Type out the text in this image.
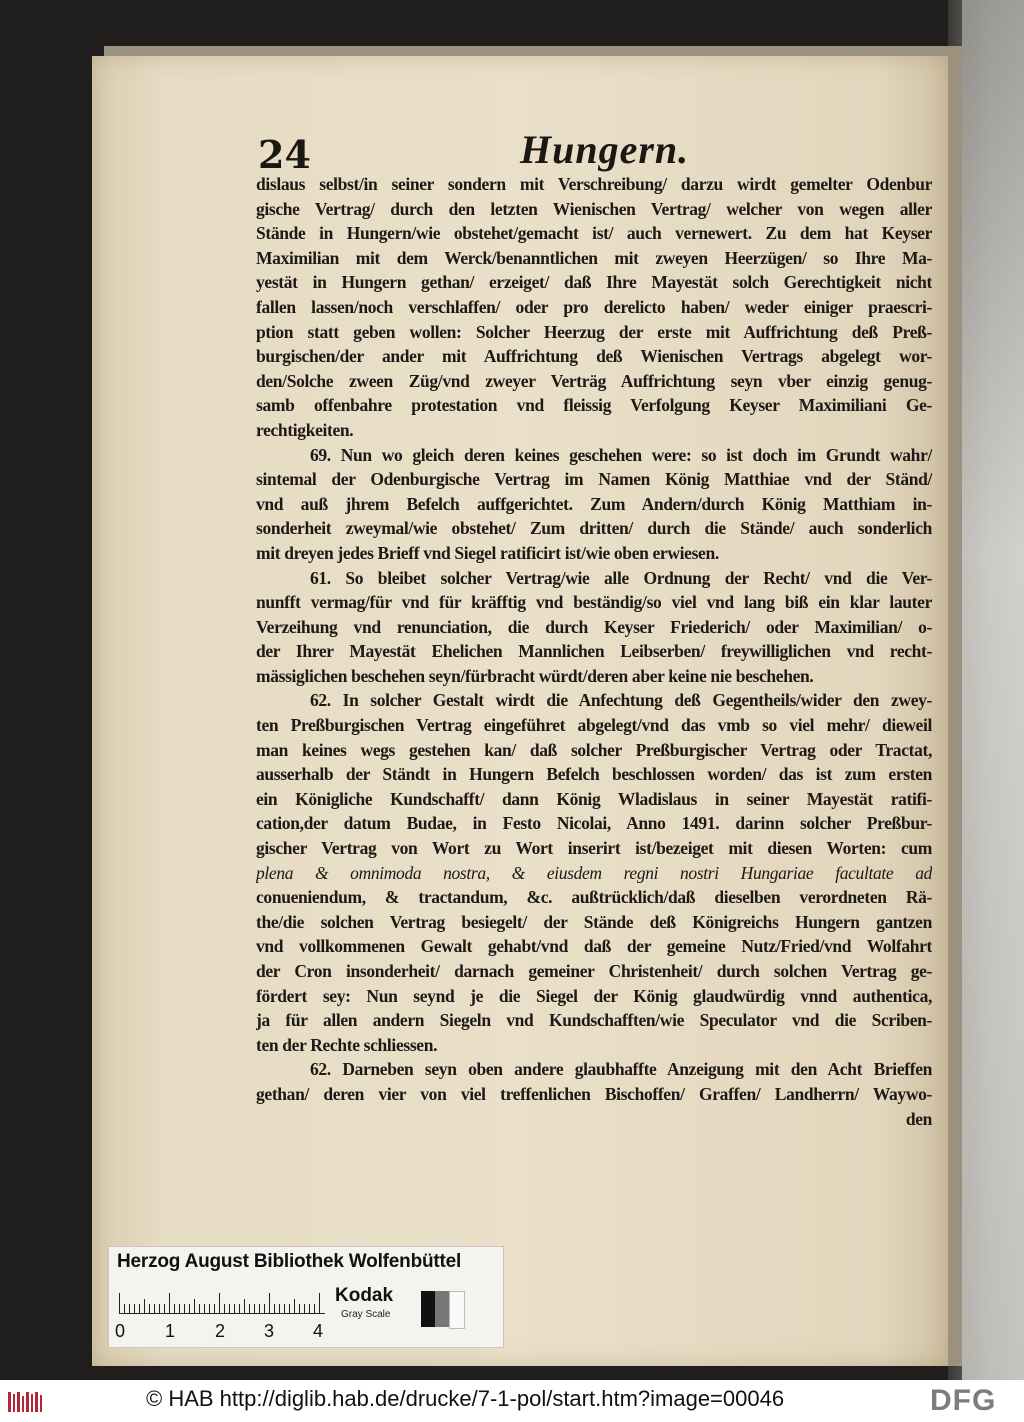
24	Hungern.
dislaus selbst/in seiner sondern mit Verschreibung/ darzu wirdt gemelter Odenbur
gische Vertrag/ durch den letzten Wienischen Vertrag/ welcher von wegen aller
Stände in Hungern/wie obstehet/gemacht ist/ auch vernewert. Zu dem hat Keyser
Maximilian mit dem Werck/benanntlichen mit zweyen Heerzügen/ so Ihre Ma-
yestät in Hungern gethan/ erzeiget/ daß Ihre Mayestät solch Gerechtigkeit nicht
fallen lassen/noch verschlaffen/ oder pro derelicto haben/ weder einiger praescri-
ption statt geben wollen: Solcher Heerzug der erste mit Auffrichtung deß Preß-
burgischen/der ander mit Auffrichtung deß Wienischen Vertrags abgelegt wor-
den/Solche zween Züg/vnd zweyer Verträg Auffrichtung seyn vber einzig genug-
samb offenbahre protestation vnd fleissig Verfolgung Keyser Maximiliani Ge-
rechtigkeiten.
69. Nun wo gleich deren keines geschehen were: so ist doch im Grundt wahr/
sintemal der Odenburgische Vertrag im Namen König Matthiae vnd der Ständ/
vnd auß jhrem Befelch auffgerichtet. Zum Andern/durch König Matthiam in-
sonderheit zweymal/wie obstehet/ Zum dritten/ durch die Stände/ auch sonderlich
mit dreyen jedes Brieff vnd Siegel ratificirt ist/wie oben erwiesen.
61. So bleibet solcher Vertrag/wie alle Ordnung der Recht/ vnd die Ver-
nunfft vermag/für vnd für kräfftig vnd beständig/so viel vnd lang biß ein klar lauter
Verzeihung vnd renunciation, die durch Keyser Friederich/ oder Maximilian/ o-
der Ihrer Mayestät Ehelichen Mannlichen Leibserben/ freywilliglichen vnd recht-
mässiglichen beschehen seyn/fürbracht würdt/deren aber keine nie beschehen.
62. In solcher Gestalt wirdt die Anfechtung deß Gegentheils/wider den zwey-
ten Preßburgischen Vertrag eingeführet abgelegt/vnd das vmb so viel mehr/ dieweil
man keines wegs gestehen kan/ daß solcher Preßburgischer Vertrag oder Tractat,
ausserhalb der Ständt in Hungern Befelch beschlossen worden/ das ist zum ersten
ein Königliche Kundschafft/ dann König Wladislaus in seiner Mayestät ratifi-
cation,der datum Budae, in Festo Nicolai, Anno 1491. darinn solcher Preßbur-
gischer Vertrag von Wort zu Wort inserirt ist/bezeiget mit diesen Worten: cum
plena & omnimoda nostra, & eiusdem regni nostri Hungariae facultate ad
conueniendum, & tractandum, &c. außtrücklich/daß dieselben verordneten Rä-
the/die solchen Vertrag besiegelt/ der Stände deß Königreichs Hungern gantzen
vnd vollkommenen Gewalt gehabt/vnd daß der gemeine Nutz/Fried/vnd Wolfahrt
der Cron insonderheit/ darnach gemeiner Christenheit/ durch solchen Vertrag ge-
fördert sey: Nun seynd je die Siegel der König glaudwürdig vnnd authentica,
ja für allen andern Siegeln vnd Kundschafften/wie Speculator vnd die Scriben-
ten der Rechte schliessen.
62. Darneben seyn oben andere glaubhaffte Anzeigung mit den Acht Brieffen
gethan/ deren vier von viel treffenlichen Bischoffen/ Graffen/ Landherrn/ Waywo-
den
Herzog August Bibliothek Wolfenbüttel
0 1 2 3 4
Kodak
Gray Scale
© HAB http://diglib.hab.de/drucke/7-1-pol/start.htm?image=00046	DFG
